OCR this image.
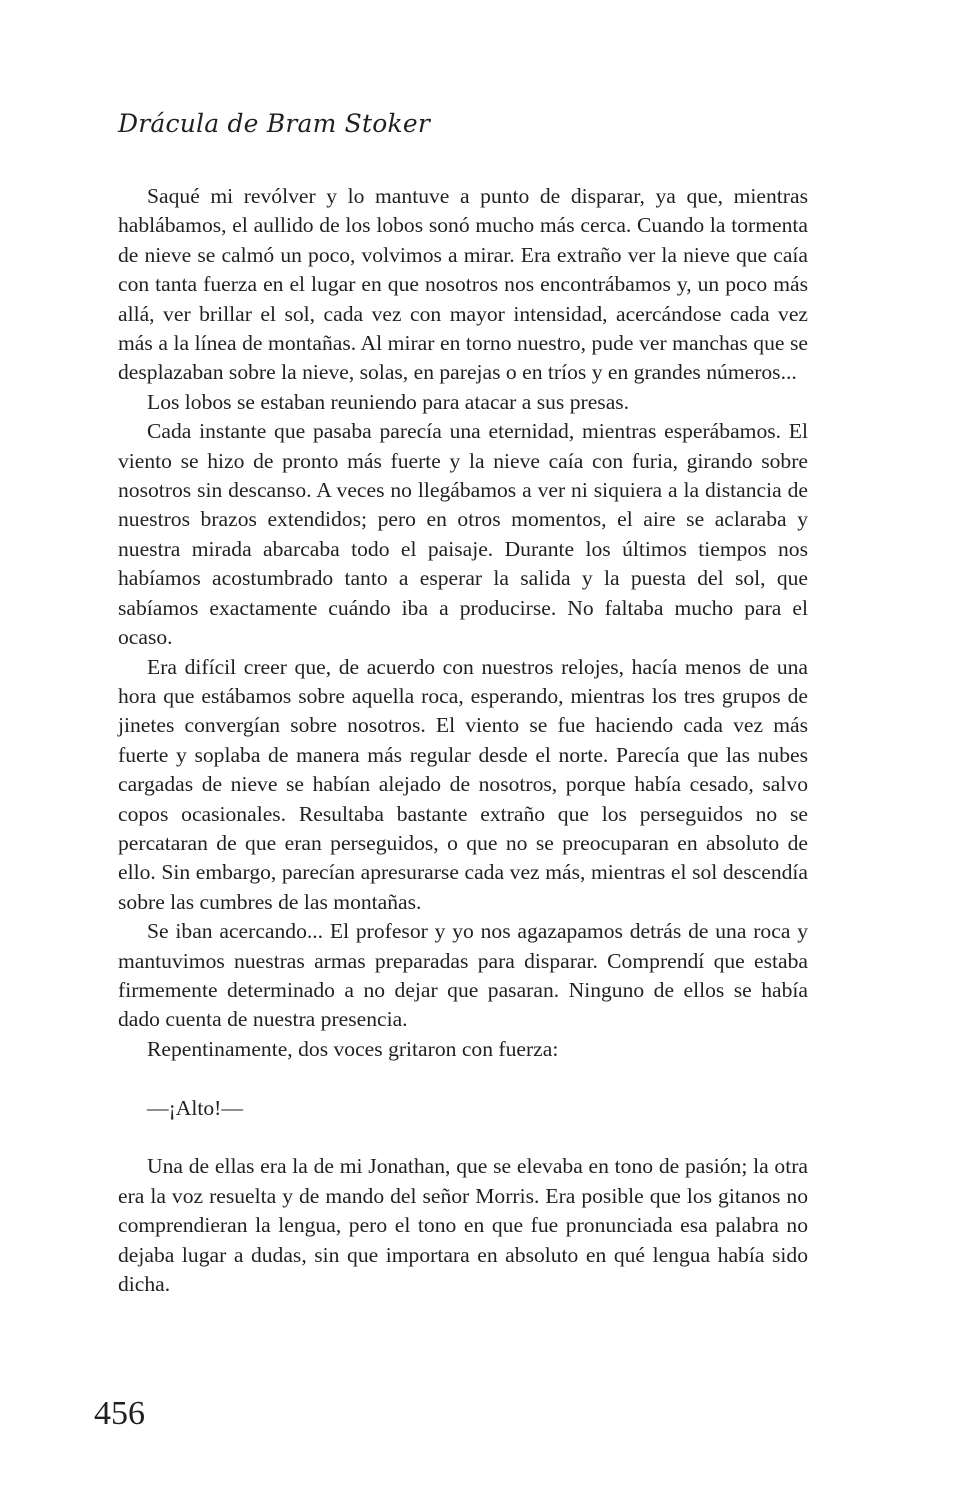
Drácula de Bram Stoker

Saqué mi revólver y lo mantuve a punto de disparar, ya que, mientras hablábamos, el aullido de los lobos sonó mucho más cerca. Cuando la tormenta de nieve se calmó un poco, volvimos a mirar. Era extraño ver la nieve que caía con tanta fuerza en el lugar en que nosotros nos encontrábamos y, un poco más allá, ver brillar el sol, cada vez con mayor intensidad, acercándose cada vez más a la línea de montañas. Al mirar en torno nuestro, pude ver manchas que se desplazaban sobre la nieve, solas, en parejas o en tríos y en grandes números...

Los lobos se estaban reuniendo para atacar a sus presas.

Cada instante que pasaba parecía una eternidad, mientras esperábamos. El viento se hizo de pronto más fuerte y la nieve caía con furia, girando sobre nosotros sin descanso. A veces no llegábamos a ver ni siquiera a la distancia de nuestros brazos extendidos; pero en otros momentos, el aire se aclaraba y nuestra mirada abarcaba todo el paisaje. Durante los últimos tiempos nos habíamos acostumbrado tanto a esperar la salida y la puesta del sol, que sabíamos exactamente cuándo iba a producirse. No faltaba mucho para el ocaso.

Era difícil creer que, de acuerdo con nuestros relojes, hacía menos de una hora que estábamos sobre aquella roca, esperando, mientras los tres grupos de jinetes convergían sobre nosotros. El viento se fue haciendo cada vez más fuerte y soplaba de manera más regular desde el norte. Parecía que las nubes cargadas de nieve se habían alejado de nosotros, porque había cesado, salvo copos ocasionales. Resultaba bastante extraño que los perseguidos no se percataran de que eran perseguidos, o que no se preocuparan en absoluto de ello. Sin embargo, parecían apresurarse cada vez más, mientras el sol descendía sobre las cumbres de las montañas.

Se iban acercando... El profesor y yo nos agazapamos detrás de una roca y mantuvimos nuestras armas preparadas para disparar. Comprendí que estaba firmemente determinado a no dejar que pasaran. Ninguno de ellos se había dado cuenta de nuestra presencia.

Repentinamente, dos voces gritaron con fuerza:

—¡Alto!—

Una de ellas era la de mi Jonathan, que se elevaba en tono de pasión; la otra era la voz resuelta y de mando del señor Morris. Era posible que los gitanos no comprendieran la lengua, pero el tono en que fue pronunciada esa palabra no dejaba lugar a dudas, sin que importara en absoluto en qué lengua había sido dicha.

456
